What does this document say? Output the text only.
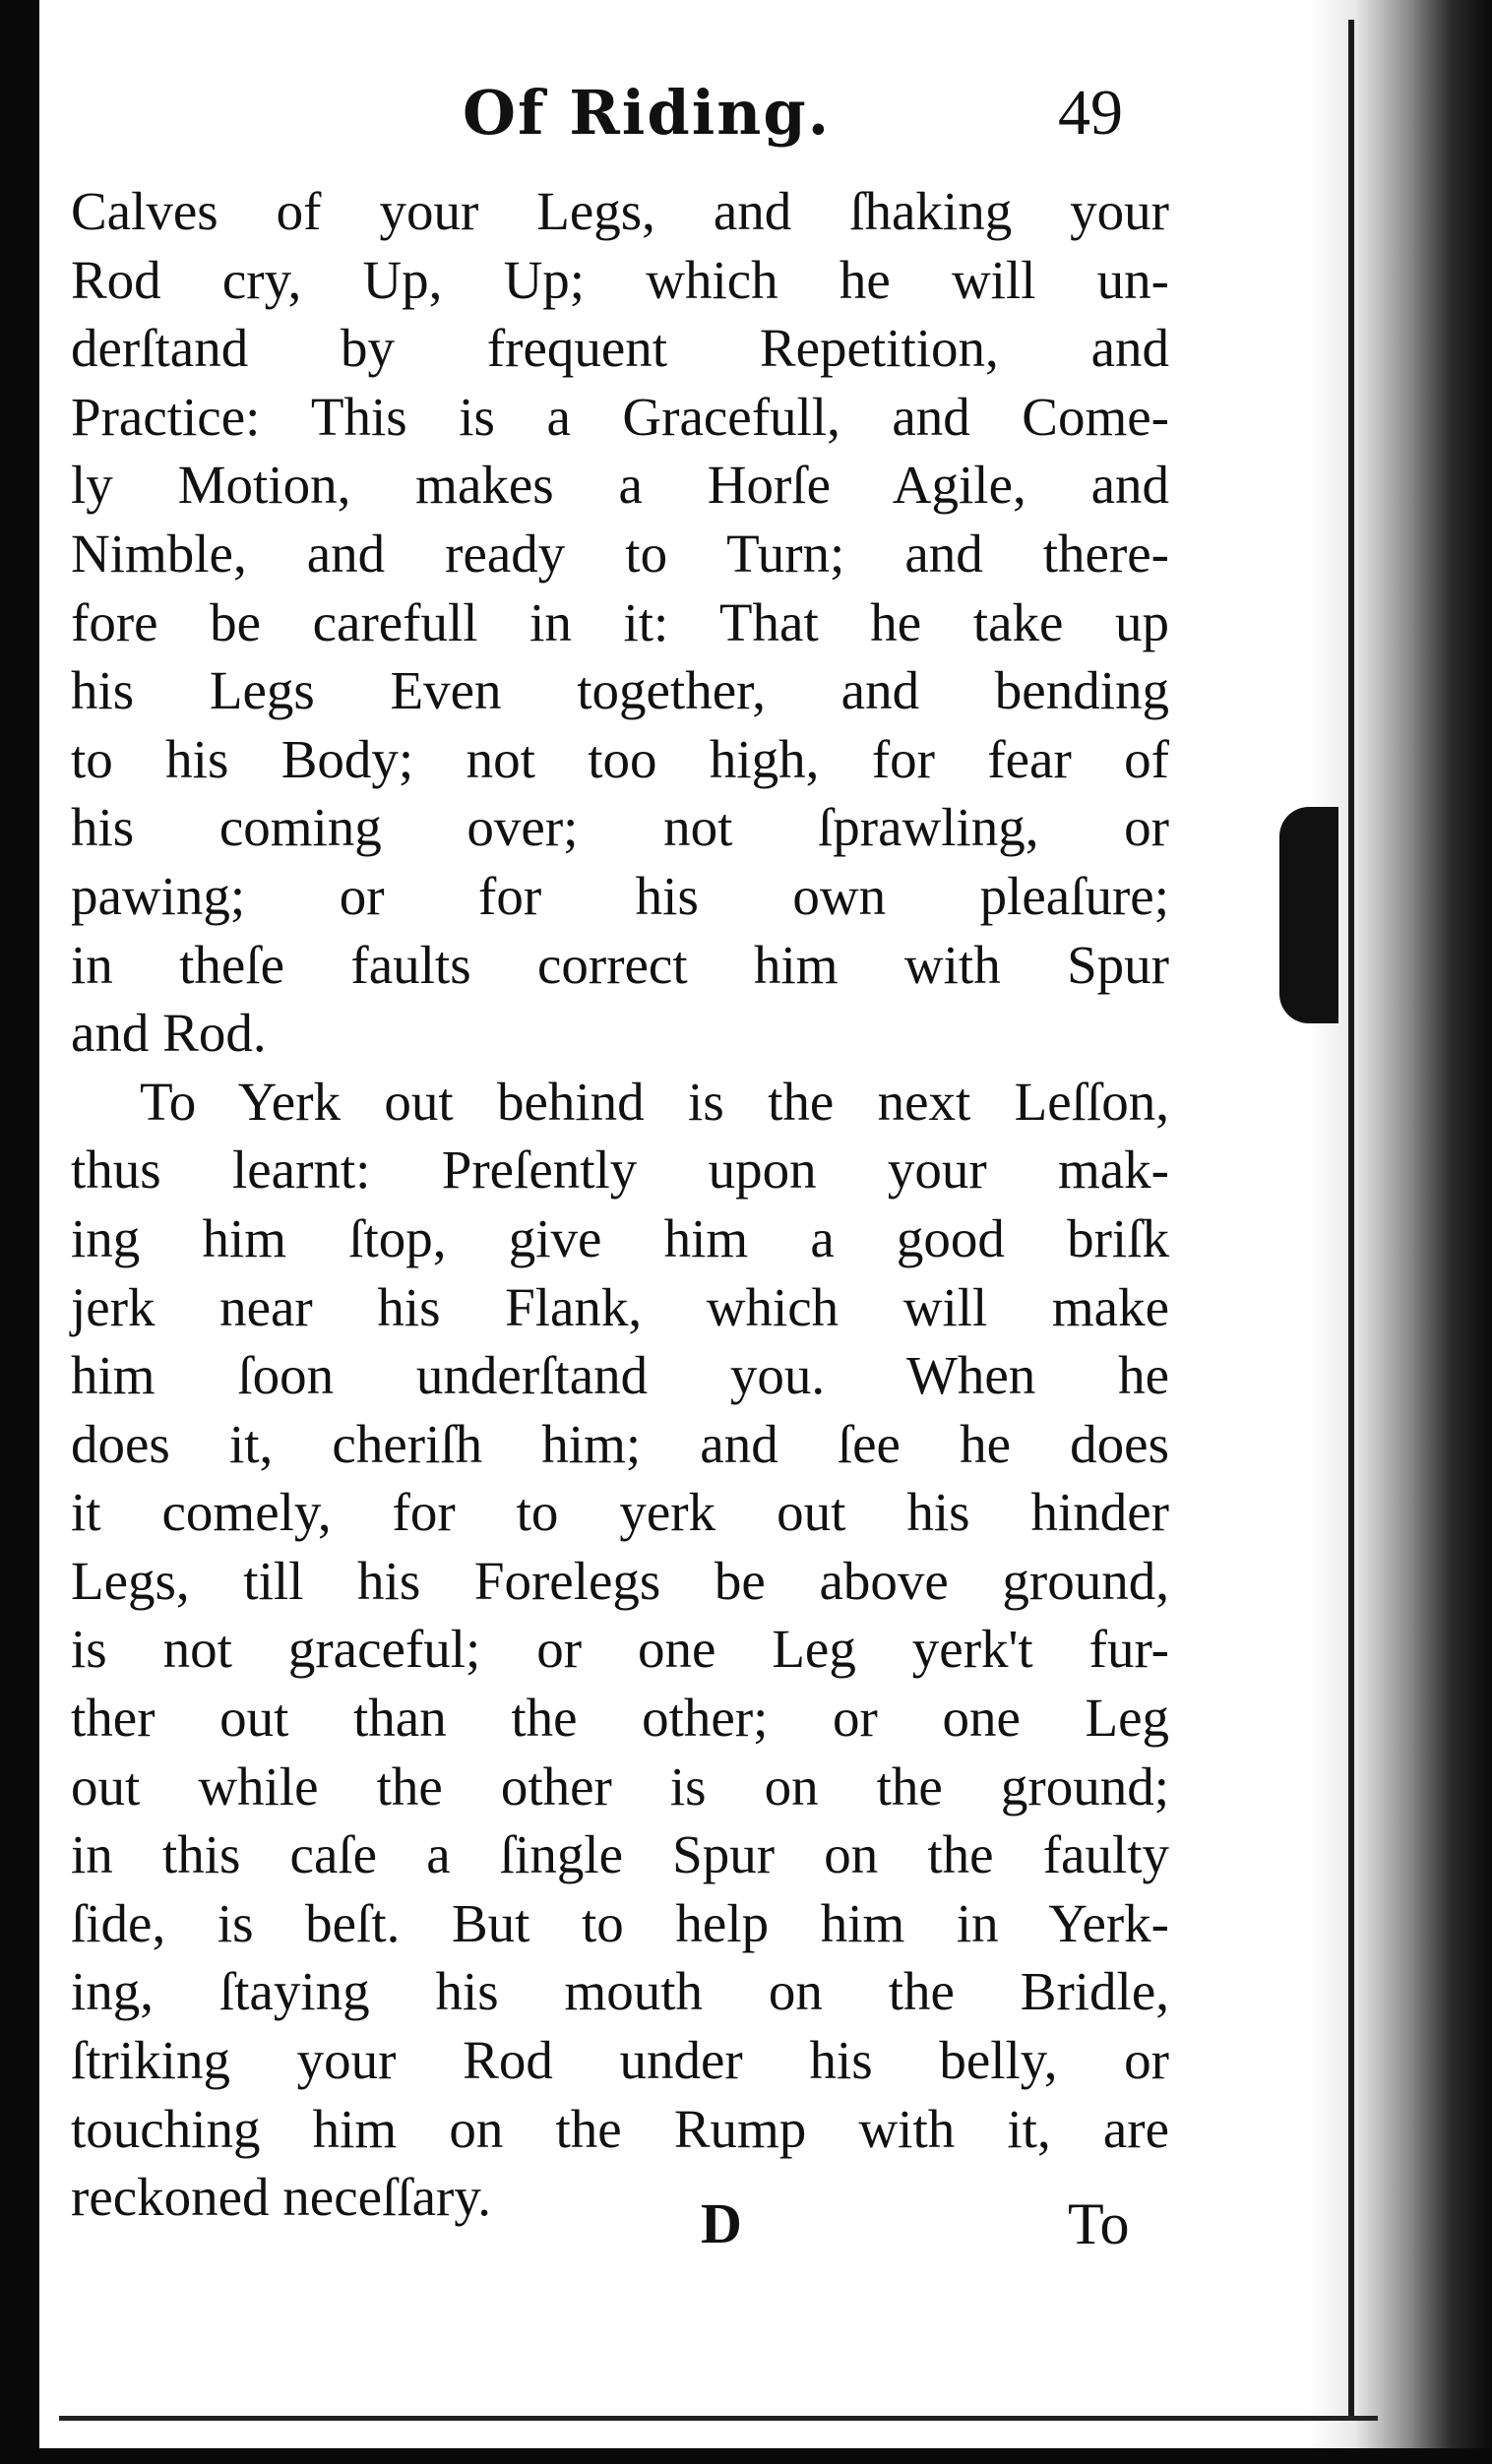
Of Riding.	49
Calves of your Legs, and ſhaking your
Rod cry, Up, Up; which he will un-
derſtand by frequent Repetition, and
Practice: This is a Gracefull, and Come-
ly Motion, makes a Horſe Agile, and
Nimble, and ready to Turn; and there-
fore be carefull in it: That he take up
his Legs Even together, and bending
to his Body; not too high, for fear of
his coming over; not ſprawling, or
pawing; or for his own pleaſure;
in theſe faults correct him with Spur
and Rod.
To Yerk out behind is the next Leſſon,
thus learnt: Preſently upon your mak-
ing him ſtop, give him a good briſk
jerk near his Flank, which will make
him ſoon underſtand you. When he
does it, cheriſh him; and ſee he does
it comely, for to yerk out his hinder
Legs, till his Forelegs be above ground,
is not graceful; or one Leg yerk't fur-
ther out than the other; or one Leg
out while the other is on the ground;
in this caſe a ſingle Spur on the faulty
ſide, is beſt. But to help him in Yerk-
ing, ſtaying his mouth on the Bridle,
ſtriking your Rod under his belly, or
touching him on the Rump with it, are
reckoned neceſſary.	D	To
